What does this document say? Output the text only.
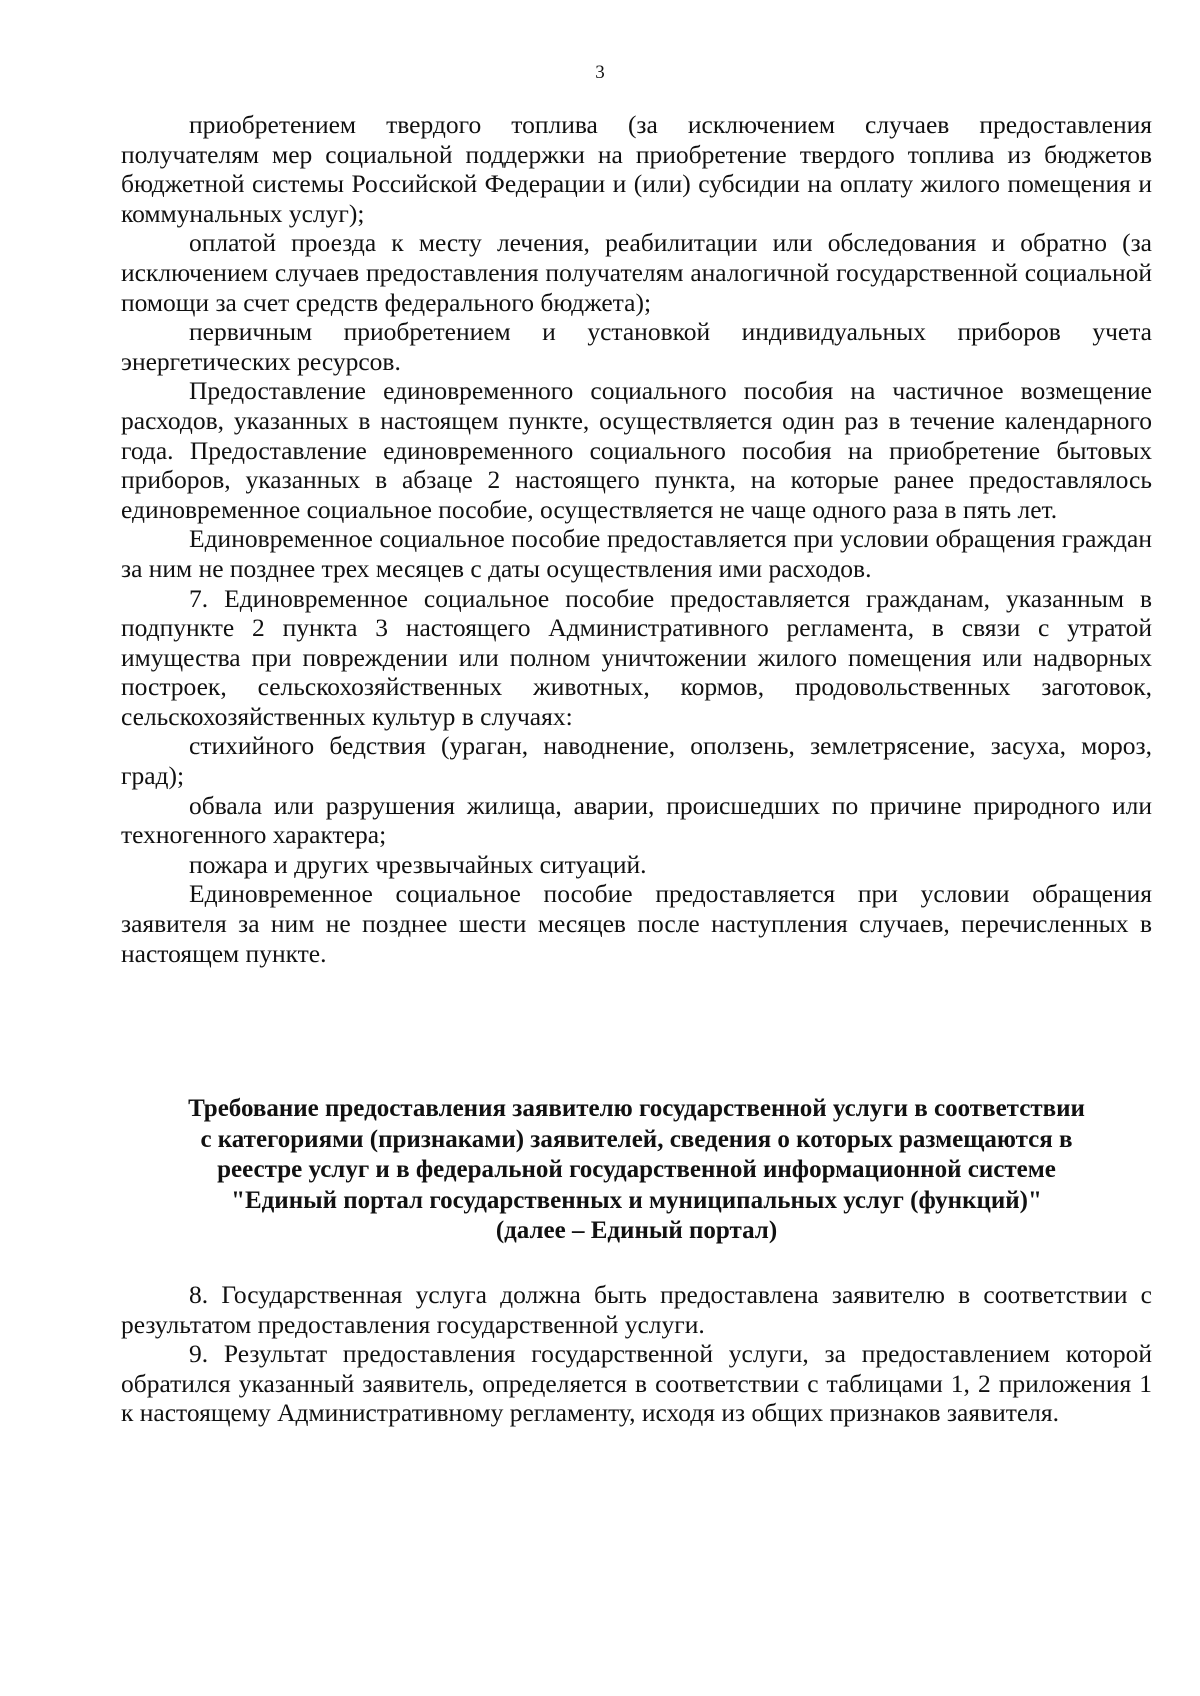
3

приобретением твердого топлива (за исключением случаев предоставления получателям мер социальной поддержки на приобретение твердого топлива из бюджетов бюджетной системы Российской Федерации и (или) субсидии на оплату жилого помещения и коммунальных услуг);

оплатой проезда к месту лечения, реабилитации или обследования и обратно (за исключением случаев предоставления получателям аналогичной государственной социальной помощи за счет средств федерального бюджета);

первичным приобретением и установкой индивидуальных приборов учета энергетических ресурсов.

Предоставление единовременного социального пособия на частичное возмещение расходов, указанных в настоящем пункте, осуществляется один раз в течение календарного года. Предоставление единовременного социального пособия на приобретение бытовых приборов, указанных в абзаце 2 настоящего пункта, на которые ранее предоставлялось единовременное социальное пособие, осуществляется не чаще одного раза в пять лет.

Единовременное социальное пособие предоставляется при условии обращения граждан за ним не позднее трех месяцев с даты осуществления ими расходов.

7. Единовременное социальное пособие предоставляется гражданам, указанным в подпункте 2 пункта 3 настоящего Административного регламента, в связи с утратой имущества при повреждении или полном уничтожении жилого помещения или надворных построек, сельскохозяйственных животных, кормов, продовольственных заготовок, сельскохозяйственных культур в случаях:

стихийного бедствия (ураган, наводнение, оползень, землетрясение, засуха, мороз, град);

обвала или разрушения жилища, аварии, происшедших по причине природного или техногенного характера;

пожара и других чрезвычайных ситуаций.

Единовременное социальное пособие предоставляется при условии обращения заявителя за ним не позднее шести месяцев после наступления случаев, перечисленных в настоящем пункте.

Требование предоставления заявителю государственной услуги в соответствии
с категориями (признаками) заявителей, сведения о которых размещаются в
реестре услуг и в федеральной государственной информационной системе
"Единый портал государственных и муниципальных услуг (функций)"
(далее – Единый портал)

8. Государственная услуга должна быть предоставлена заявителю в соответствии с результатом предоставления государственной услуги.

9. Результат предоставления государственной услуги, за предоставлением которой обратился указанный заявитель, определяется в соответствии с таблицами 1, 2 приложения 1 к настоящему Административному регламенту, исходя из общих признаков заявителя.
